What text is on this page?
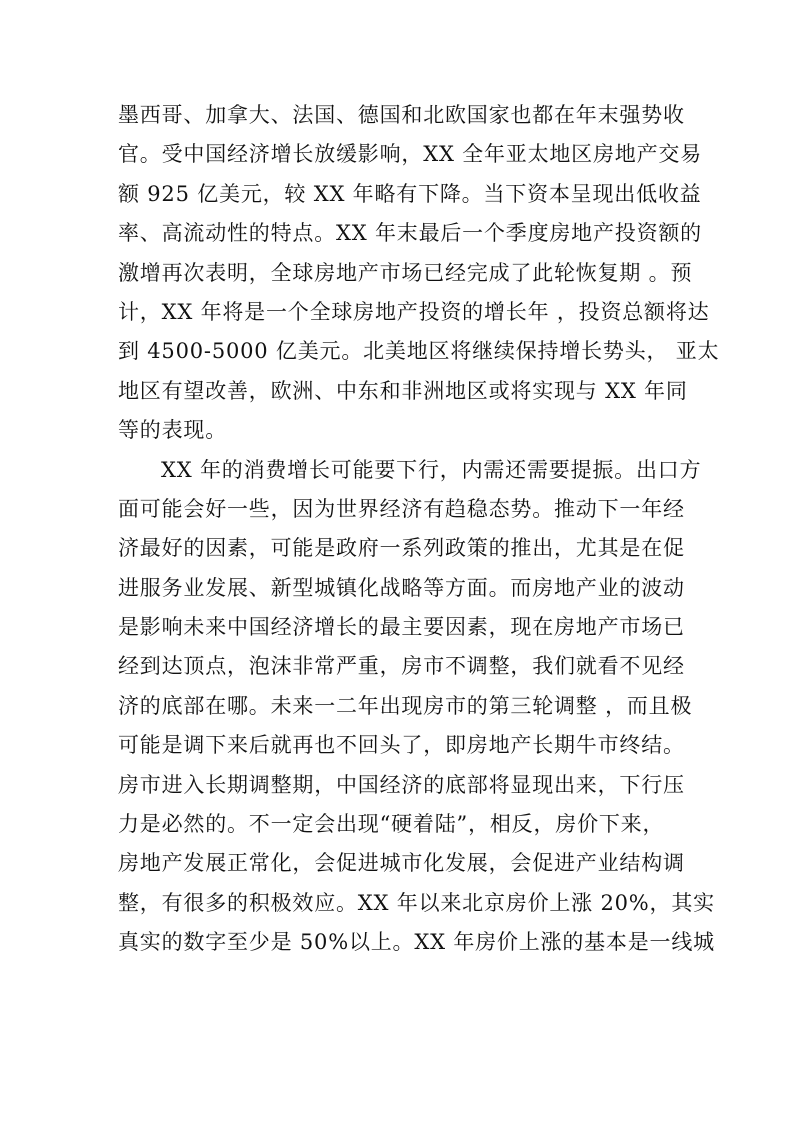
墨西哥、加拿大、法国、德国和北欧国家也都在年末强势收
官。受中国经济增长放缓影响，XX 全年亚太地区房地产交易
额 925 亿美元，较 XX 年略有下降。当下资本呈现出低收益
率、高流动性的特点。XX 年末最后一个季度房地产投资额的
激增再次表明，全球房地产市场已经完成了此轮恢复期 。预
计，XX 年将是一个全球房地产投资的增长年 ，投资总额将达
到 4500-5000 亿美元。北美地区将继续保持增长势头， 亚太
地区有望改善，欧洲、中东和非洲地区或将实现与 XX 年同
等的表现。
XX 年的消费增长可能要下行，内需还需要提振。出口方
面可能会好一些，因为世界经济有趋稳态势。推动下一年经
济最好的因素，可能是政府一系列政策的推出，尤其是在促
进服务业发展、新型城镇化战略等方面。而房地产业的波动
是影响未来中国经济增长的最主要因素，现在房地产市场已
经到达顶点，泡沫非常严重，房市不调整，我们就看不见经
济的底部在哪。未来一二年出现房市的第三轮调整 ，而且极
可能是调下来后就再也不回头了，即房地产长期牛市终结。
房市进入长期调整期，中国经济的底部将显现出来，下行压
力是必然的。不一定会出现“硬着陆”，相反，房价下来，
房地产发展正常化，会促进城市化发展，会促进产业结构调
整，有很多的积极效应。XX 年以来北京房价上涨 20%，其实
真实的数字至少是 50%以上。XX 年房价上涨的基本是一线城
